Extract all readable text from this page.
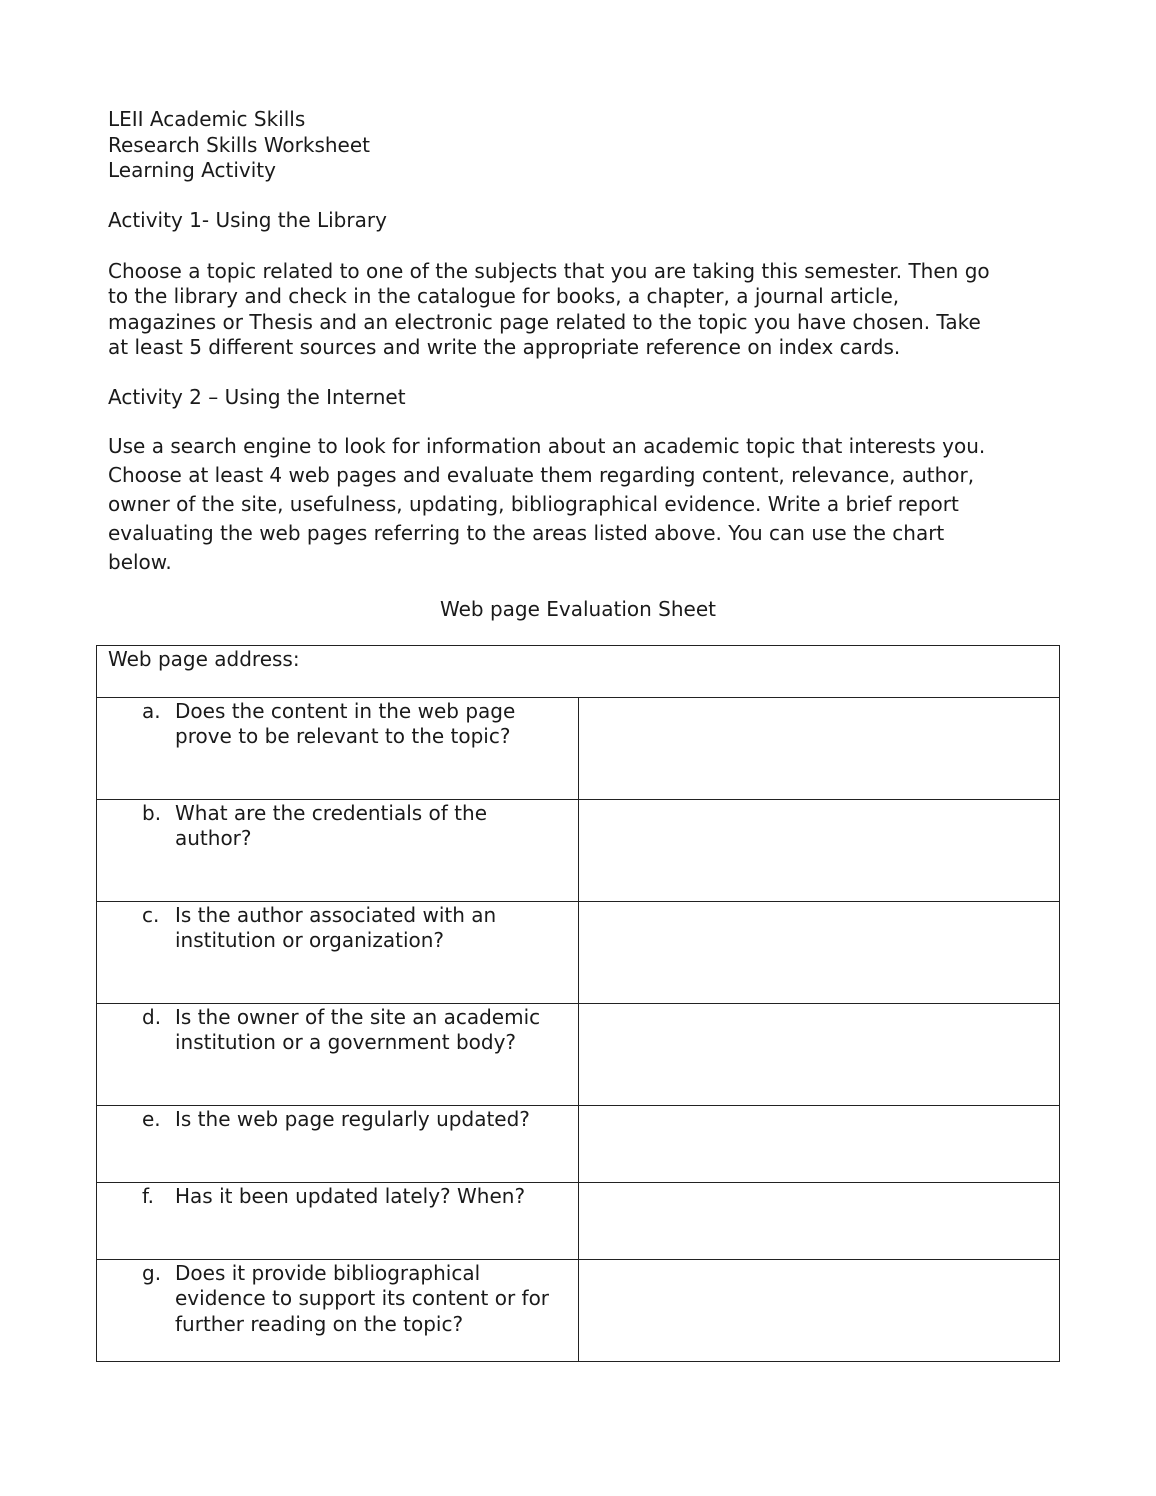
LEII Academic Skills
Research Skills Worksheet
Learning Activity
Activity 1- Using the Library
Choose a topic related to one of the subjects that you are taking this semester. Then go
to the library and check in the catalogue for books, a chapter, a journal article,
magazines or Thesis and an electronic page related to the topic you have chosen. Take
at least 5 different sources and write the appropriate reference on index cards.
Activity 2 – Using the Internet
Use a search engine to look for information about an academic topic that interests you.
Choose at least 4 web pages and evaluate them regarding content, relevance, author,
owner of the site, usefulness, updating, bibliographical evidence. Write a brief report
evaluating the web pages referring to the areas listed above. You can use the chart
below.
Web page Evaluation Sheet
Web page address:	

a. Does the content in the web page prove to be relevant to the topic?	

b. What are the credentials of the author?	

c. Is the author associated with an institution or organization?	

d. Is the owner of the site an academic institution or a government body?	

e. Is the web page regularly updated?	

f. Has it been updated lately? When?	

g. Does it provide bibliographical evidence to support its content or for further reading on the topic?	
